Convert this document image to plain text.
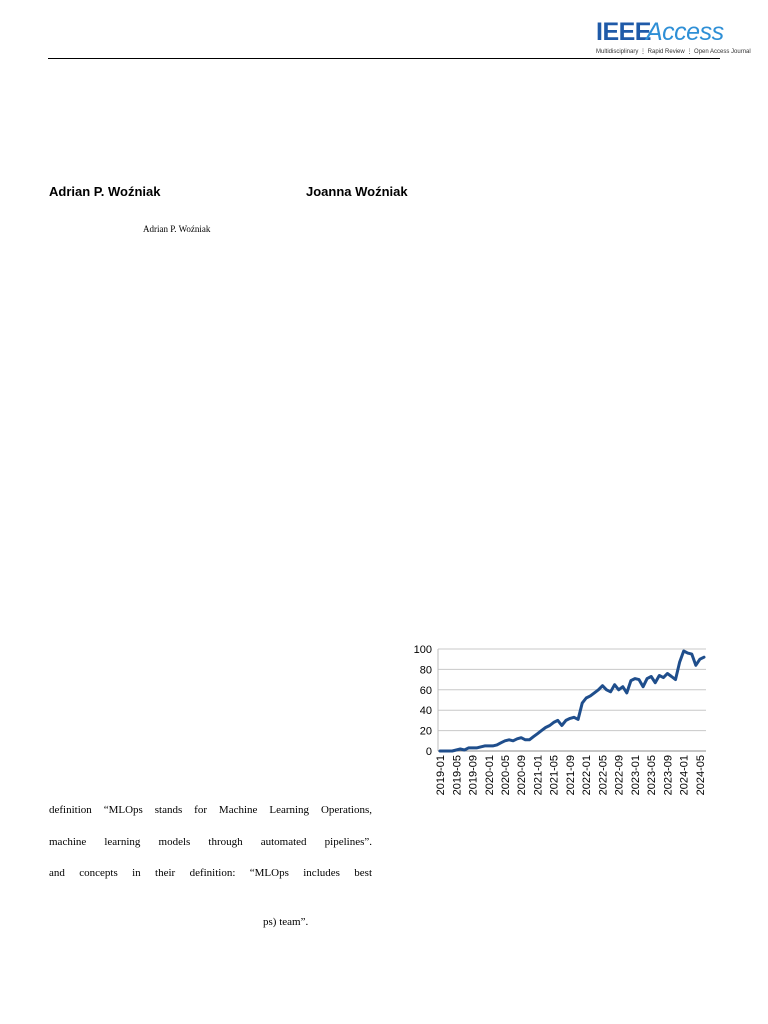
IEEE
Access
Multidisciplinary ⋮ Rapid Review ⋮ Open Access Journal
Adrian P. Woźniak	Joanna Woźniak
Adrian P. Woźniak
definition “MLOps stands for Machine Learning Operations,
machine learning models through automated pipelines”.
and concepts in their definition: “MLOps includes best
ps) team”.
0
20
40
60
80
100
2019-01 2019-05 2019-09 2020-01 2020-05 2020-09 2021-01 2021-05 2021-09 2022-01 2022-05 2022-09 2023-01 2023-05 2023-09 2024-01 2024-05
